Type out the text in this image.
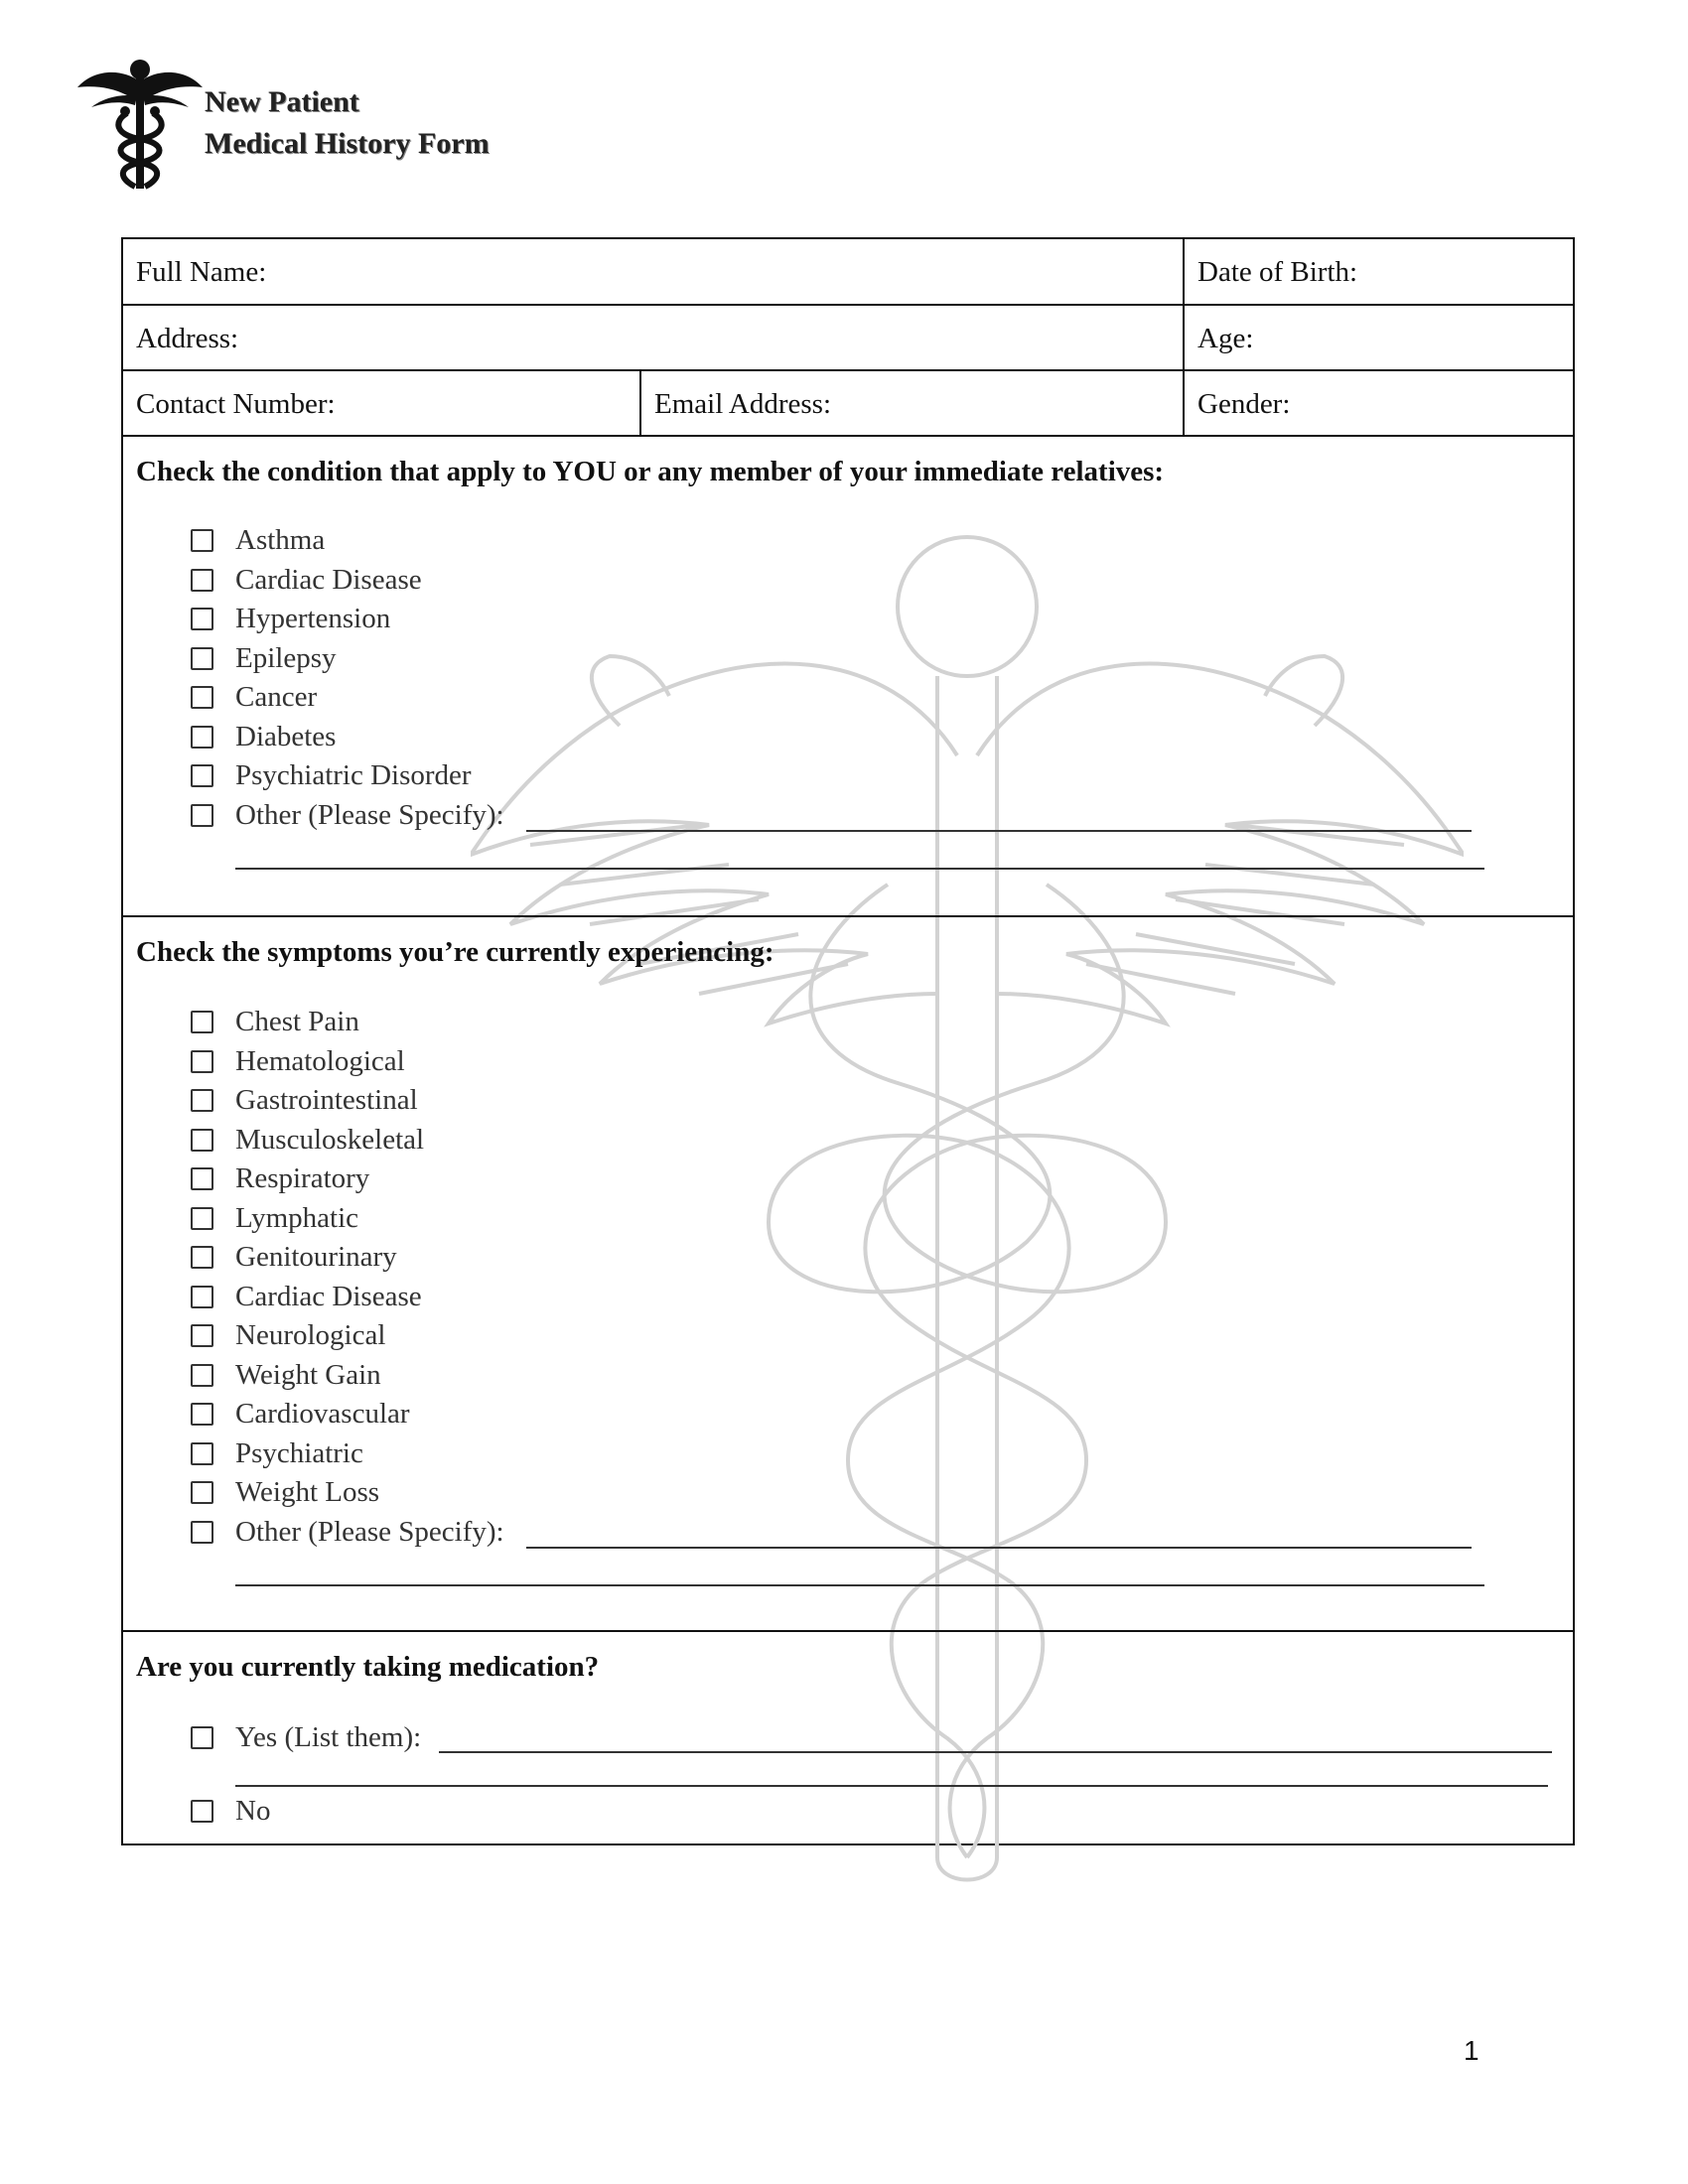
New Patient
Medical History Form
Full Name:	Date of Birth:
Address:	Age:
Contact Number:	Email Address:	Gender:
Check the condition that apply to YOU or any member of your immediate relatives:
Asthma
Cardiac Disease
Hypertension
Epilepsy
Cancer
Diabetes
Psychiatric Disorder
Other (Please Specify):
Check the symptoms you’re currently experiencing:
Chest Pain
Hematological
Gastrointestinal
Musculoskeletal
Respiratory
Lymphatic
Genitourinary
Cardiac Disease
Neurological
Weight Gain
Cardiovascular
Psychiatric
Weight Loss
Other (Please Specify):
Are you currently taking medication?
Yes (List them):
No
1
